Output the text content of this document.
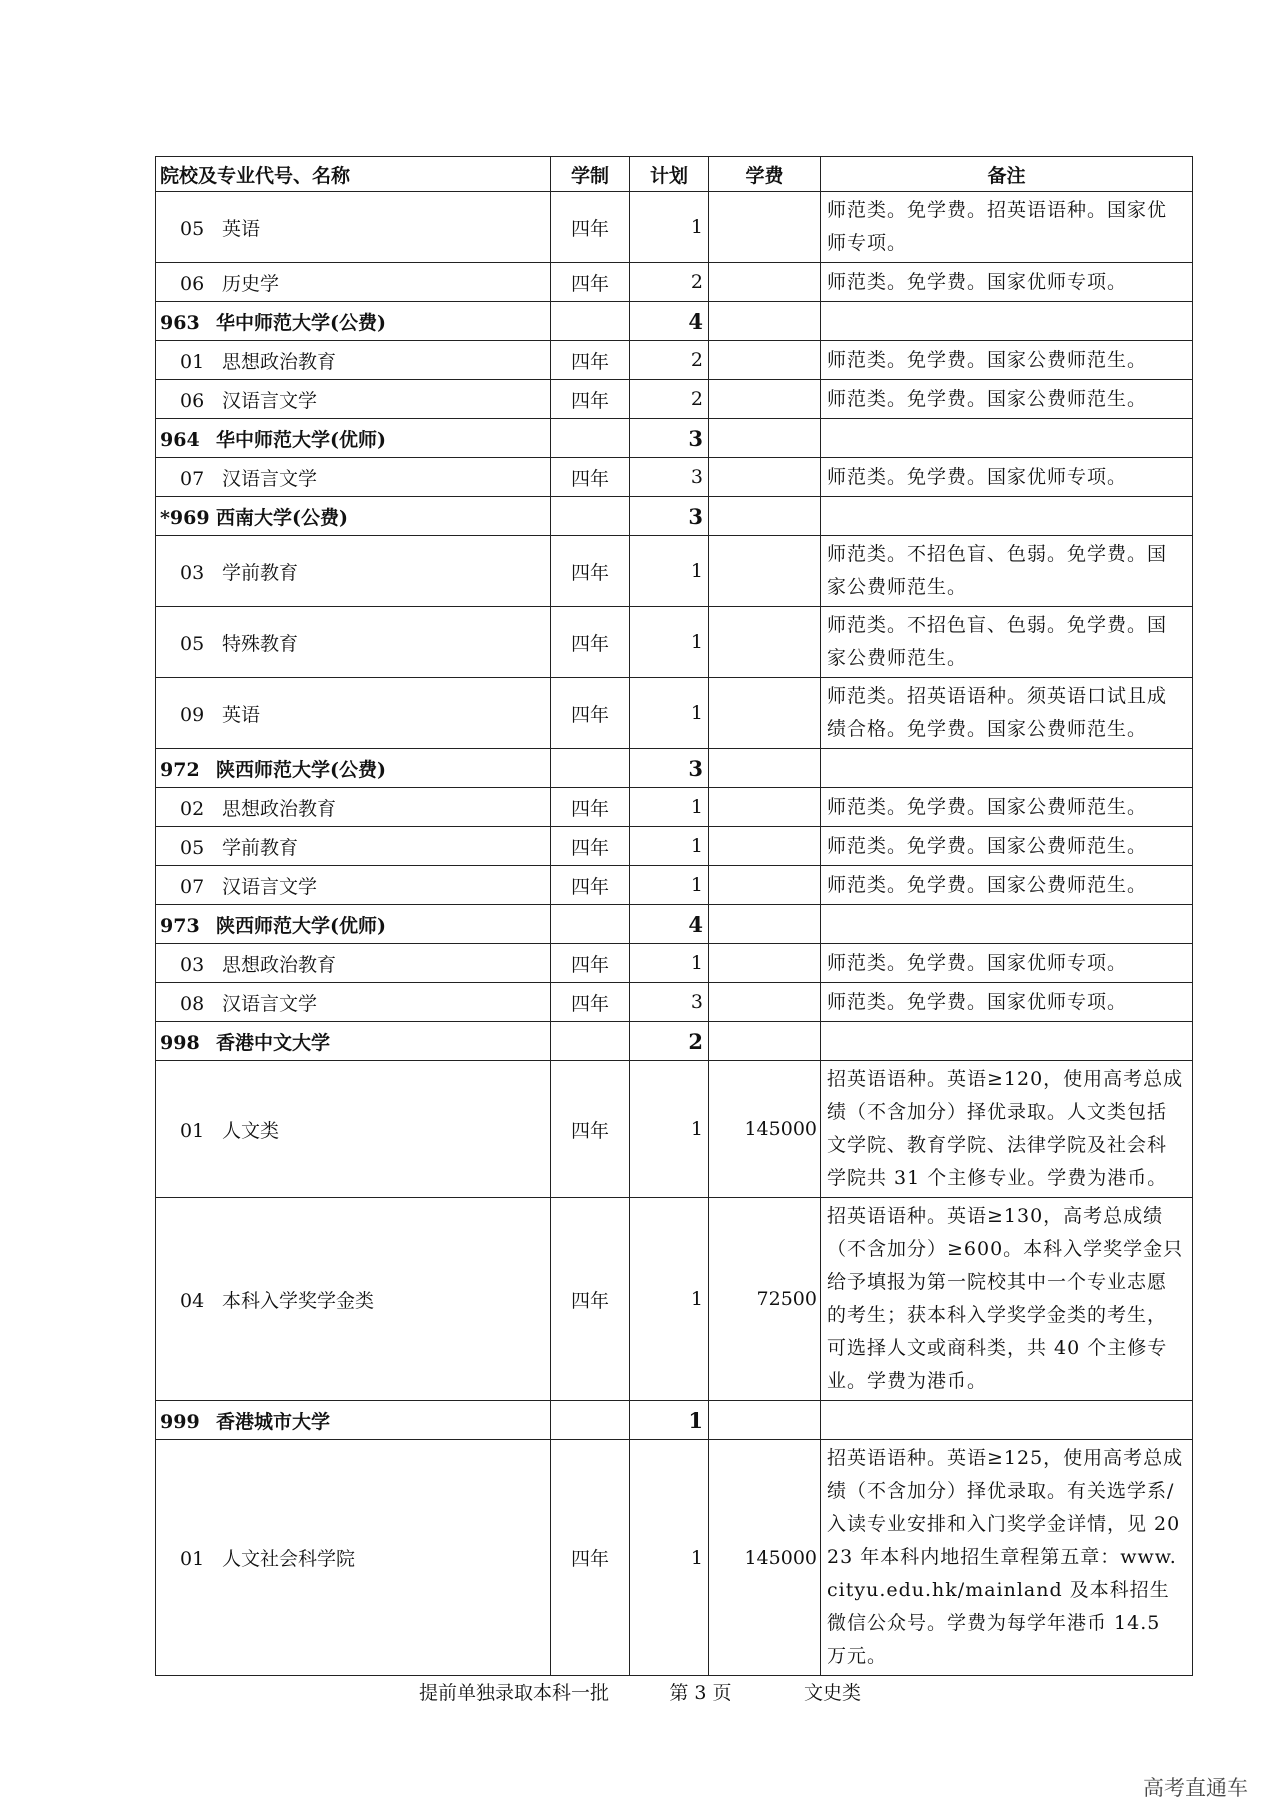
院校及专业代号、名称	学制	计划	学费	备注
05 英语	四年	1		师范类。免学费。招英语语种。国家优师专项。
06 历史学	四年	2		师范类。免学费。国家优师专项。
963 华中师范大学(公费)		4		
01 思想政治教育	四年	2		师范类。免学费。国家公费师范生。
06 汉语言文学	四年	2		师范类。免学费。国家公费师范生。
964 华中师范大学(优师)		3		
07 汉语言文学	四年	3		师范类。免学费。国家优师专项。
*969 西南大学(公费)		3		
03 学前教育	四年	1		师范类。不招色盲、色弱。免学费。国家公费师范生。
05 特殊教育	四年	1		师范类。不招色盲、色弱。免学费。国家公费师范生。
09 英语	四年	1		师范类。招英语语种。须英语口试且成绩合格。免学费。国家公费师范生。
972 陕西师范大学(公费)		3		
02 思想政治教育	四年	1		师范类。免学费。国家公费师范生。
05 学前教育	四年	1		师范类。免学费。国家公费师范生。
07 汉语言文学	四年	1		师范类。免学费。国家公费师范生。
973 陕西师范大学(优师)		4		
03 思想政治教育	四年	1		师范类。免学费。国家优师专项。
08 汉语言文学	四年	3		师范类。免学费。国家优师专项。
998 香港中文大学		2		
01 人文类	四年	1	145000	招英语语种。英语≥120，使用高考总成绩（不含加分）择优录取。人文类包括文学院、教育学院、法律学院及社会科学院共 31 个主修专业。学费为港币。
04 本科入学奖学金类	四年	1	72500	招英语语种。英语≥130，高考总成绩（不含加分）≥600。本科入学奖学金只给予填报为第一院校其中一个专业志愿的考生；获本科入学奖学金类的考生，可选择人文或商科类，共 40 个主修专业。学费为港币。
999 香港城市大学		1		
01 人文社会科学院	四年	1	145000	招英语语种。英语≥125，使用高考总成绩（不含加分）择优录取。有关选学系/入读专业安排和入门奖学金详情，见 2023 年本科内地招生章程第五章：www.cityu.edu.hk/mainland 及本科招生微信公众号。学费为每学年港币 14.5 万元。
提前单独录取本科一批	第 3 页	文史类
高考直通车
